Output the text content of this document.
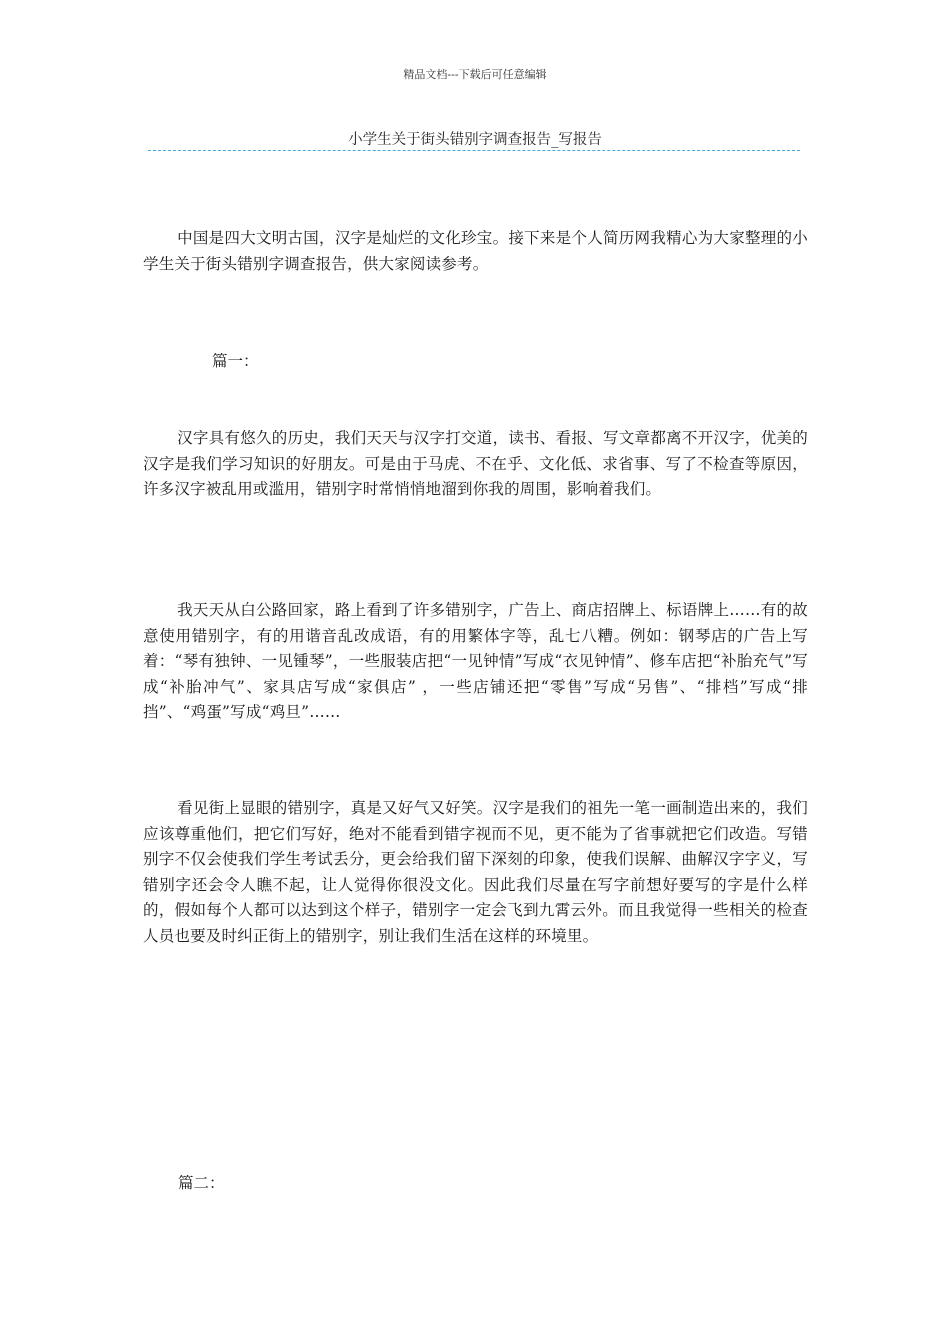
精品文档---下载后可任意编辑
小学生关于街头错别字调查报告_写报告

中国是四大文明古国，汉字是灿烂的文化珍宝。接下来是个人简历网我精心为大家整理的小学生关于街头错别字调查报告，供大家阅读参考。

篇一：

汉字具有悠久的历史，我们天天与汉字打交道，读书、看报、写文章都离不开汉字，优美的汉字是我们学习知识的好朋友。可是由于马虎、不在乎、文化低、求省事、写了不检查等原因，许多汉字被乱用或滥用，错别字时常悄悄地溜到你我的周围，影响着我们。

我天天从白公路回家，路上看到了许多错别字，广告上、商店招牌上、标语牌上……有的故意使用错别字，有的用谐音乱改成语，有的用繁体字等，乱七八糟。例如：钢琴店的广告上写着：“琴有独钟、一见锺琴”，一些服装店把“一见钟情”写成“衣见钟情”、修车店把“补胎充气”写成“补胎冲气”、家具店写成“家俱店” ，一些店铺还把“零售”写成“另售”、“排档”写成“排挡”、“鸡蛋”写成“鸡旦”……

看见街上显眼的错别字，真是又好气又好笑。汉字是我们的祖先一笔一画制造出来的，我们应该尊重他们，把它们写好，绝对不能看到错字视而不见，更不能为了省事就把它们改造。写错别字不仅会使我们学生考试丢分，更会给我们留下深刻的印象，使我们误解、曲解汉字字义，写错别字还会令人瞧不起，让人觉得你很没文化。因此我们尽量在写字前想好要写的字是什么样的，假如每个人都可以达到这个样子，错别字一定会飞到九霄云外。而且我觉得一些相关的检查人员也要及时纠正街上的错别字，别让我们生活在这样的环境里。

篇二：
